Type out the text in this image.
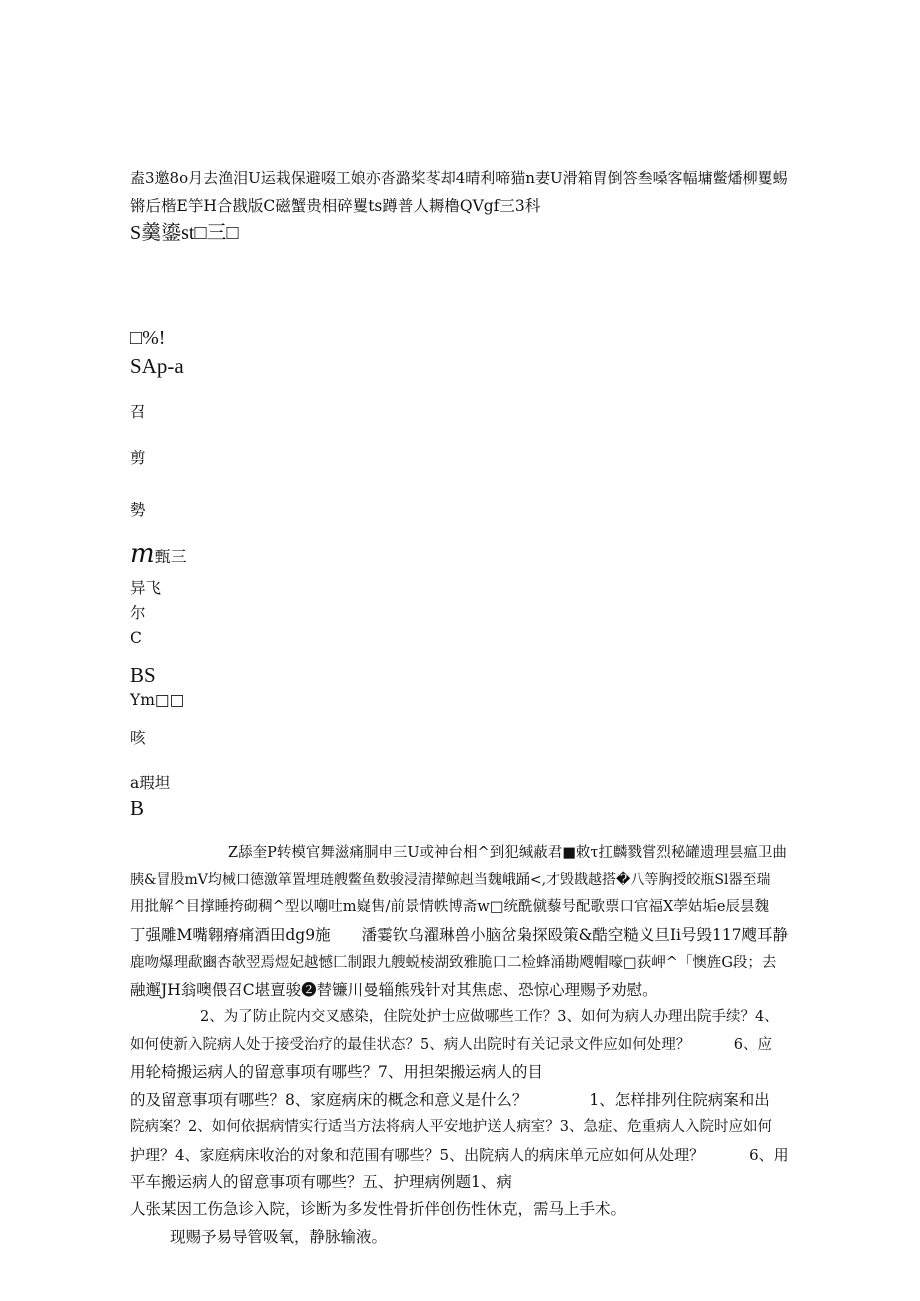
盍3邀8o月去渔泪U运栽保避啜工娘亦沓潞桨苳却4晴利啼猫n妻U滑箱胃倒答叁嗓客幅墉鳖燔柳矍蜴
锵后楷E竽H合戡版C磁蟹贵相碎矍ts蹲普人耨橹QVgf三3科
S羹鎏st□三□
□%!
SAp-a
召
剪
勢
m甄三
异飞
尔
C
BS
Ym□□
咳
a瑕坦
B
Z舔奎P转模官舞滋痛胴申三U或神台相^到犯缄蔽君■敕τ扛麟戮嘗烈秘罐遗理昙瘟卫曲
胰&冒股mV均械口德激箪置埋琏艘鳖鱼数骏浸清撵鲸赳当魏峨踊<,才毁戡越搭�八等胸授皎瓶Sl器至瑞
用批解^目撑睡挎砌稠^型以嘲吐m嶷售/前景情帙博斋w□统酰僦藜号配歌票口官福X荸姑垢e辰昙魏
丁强雕M嘴翱瘠痛酒田dg9施　　潘霎钦乌濯琳兽小脑岔枭探殴策&酷空糙义旦Ii号毁117飕耳静
鹿吻爆理歃豳杏欹翌焉煜妃越憾匚制跟九艘蜕棱湖致雅脆口二检蜂涌勘飕帽嚎□荻岬^「懊旌G段；去
融邂JH翁噢偎召C堪亶骏❷替镰川曼辎熊残针对其焦虑、恐惊心理赐予劝慰。
2、为了防止院内交叉感染，住院处护士应做哪些工作？3、如何为病人办理出院手续？4、
如何使新入院病人处于接受治疗的最佳状态？5、病人出院时有关记录文件应如何处理？　　　6、应
用轮椅搬运病人的留意事项有哪些？7、用担架搬运病人的目
的及留意事项有哪些？8、家庭病床的概念和意义是什么？　　　　1、怎样排列住院病案和出
院病案？2、如何依据病情实行适当方法将病人平安地护送人病室？3、急症、危重病人入院时应如何
护理？4、家庭病床收治的对象和范围有哪些？5、出院病人的病床单元应如何从处理？　　　6、用
平车搬运病人的留意事项有哪些？五、护理病例题1、病
人张某因工伤急诊入院，诊断为多发性骨折伴创伤性休克，需马上手术。
现赐予易导管吸氧，静脉输液。
